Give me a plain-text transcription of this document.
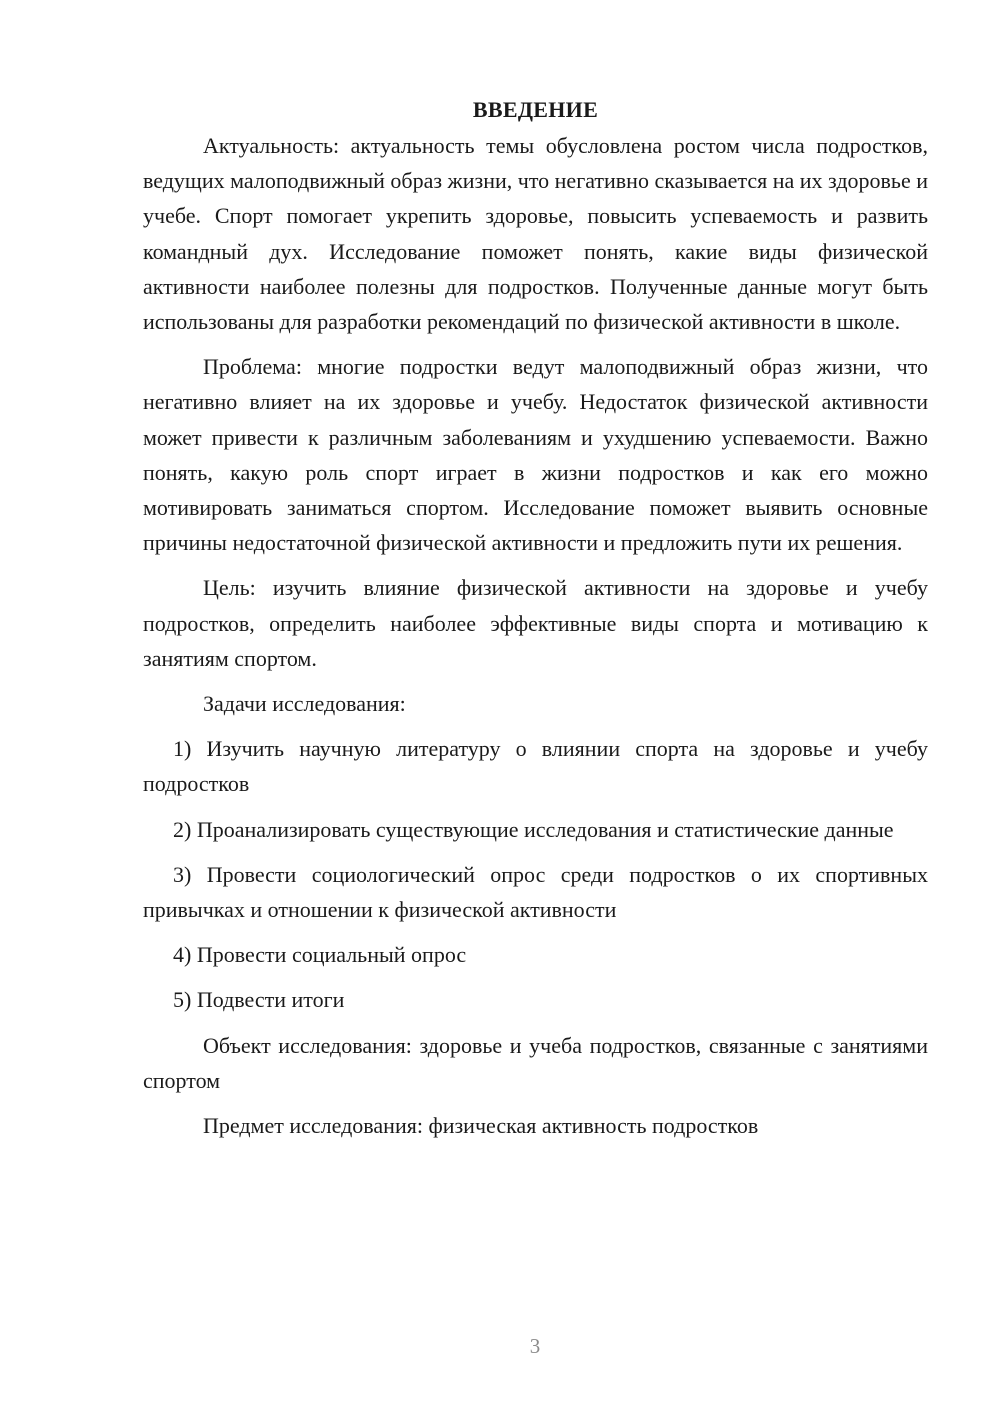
ВВЕДЕНИЕ

Актуальность: актуальность темы обусловлена ростом числа подростков, ведущих малоподвижный образ жизни, что негативно сказывается на их здоровье и учебе. Спорт помогает укрепить здоровье, повысить успеваемость и развить командный дух. Исследование поможет понять, какие виды физической активности наиболее полезны для подростков. Полученные данные могут быть использованы для разработки рекомендаций по физической активности в школе.

Проблема: многие подростки ведут малоподвижный образ жизни, что негативно влияет на их здоровье и учебу. Недостаток физической активности может привести к различным заболеваниям и ухудшению успеваемости. Важно понять, какую роль спорт играет в жизни подростков и как его можно мотивировать заниматься спортом. Исследование поможет выявить основные причины недостаточной физической активности и предложить пути их решения.

Цель: изучить влияние физической активности на здоровье и учебу подростков, определить наиболее эффективные виды спорта и мотивацию к занятиям спортом.

Задачи исследования:

1) Изучить научную литературу о влиянии спорта на здоровье и учебу подростков

2) Проанализировать существующие исследования и статистические данные

3) Провести социологический опрос среди подростков о их спортивных привычках и отношении к физической активности

4) Провести социальный опрос

5) Подвести итоги

Объект исследования: здоровье и учеба подростков, связанные с занятиями спортом

Предмет исследования: физическая активность подростков

3
